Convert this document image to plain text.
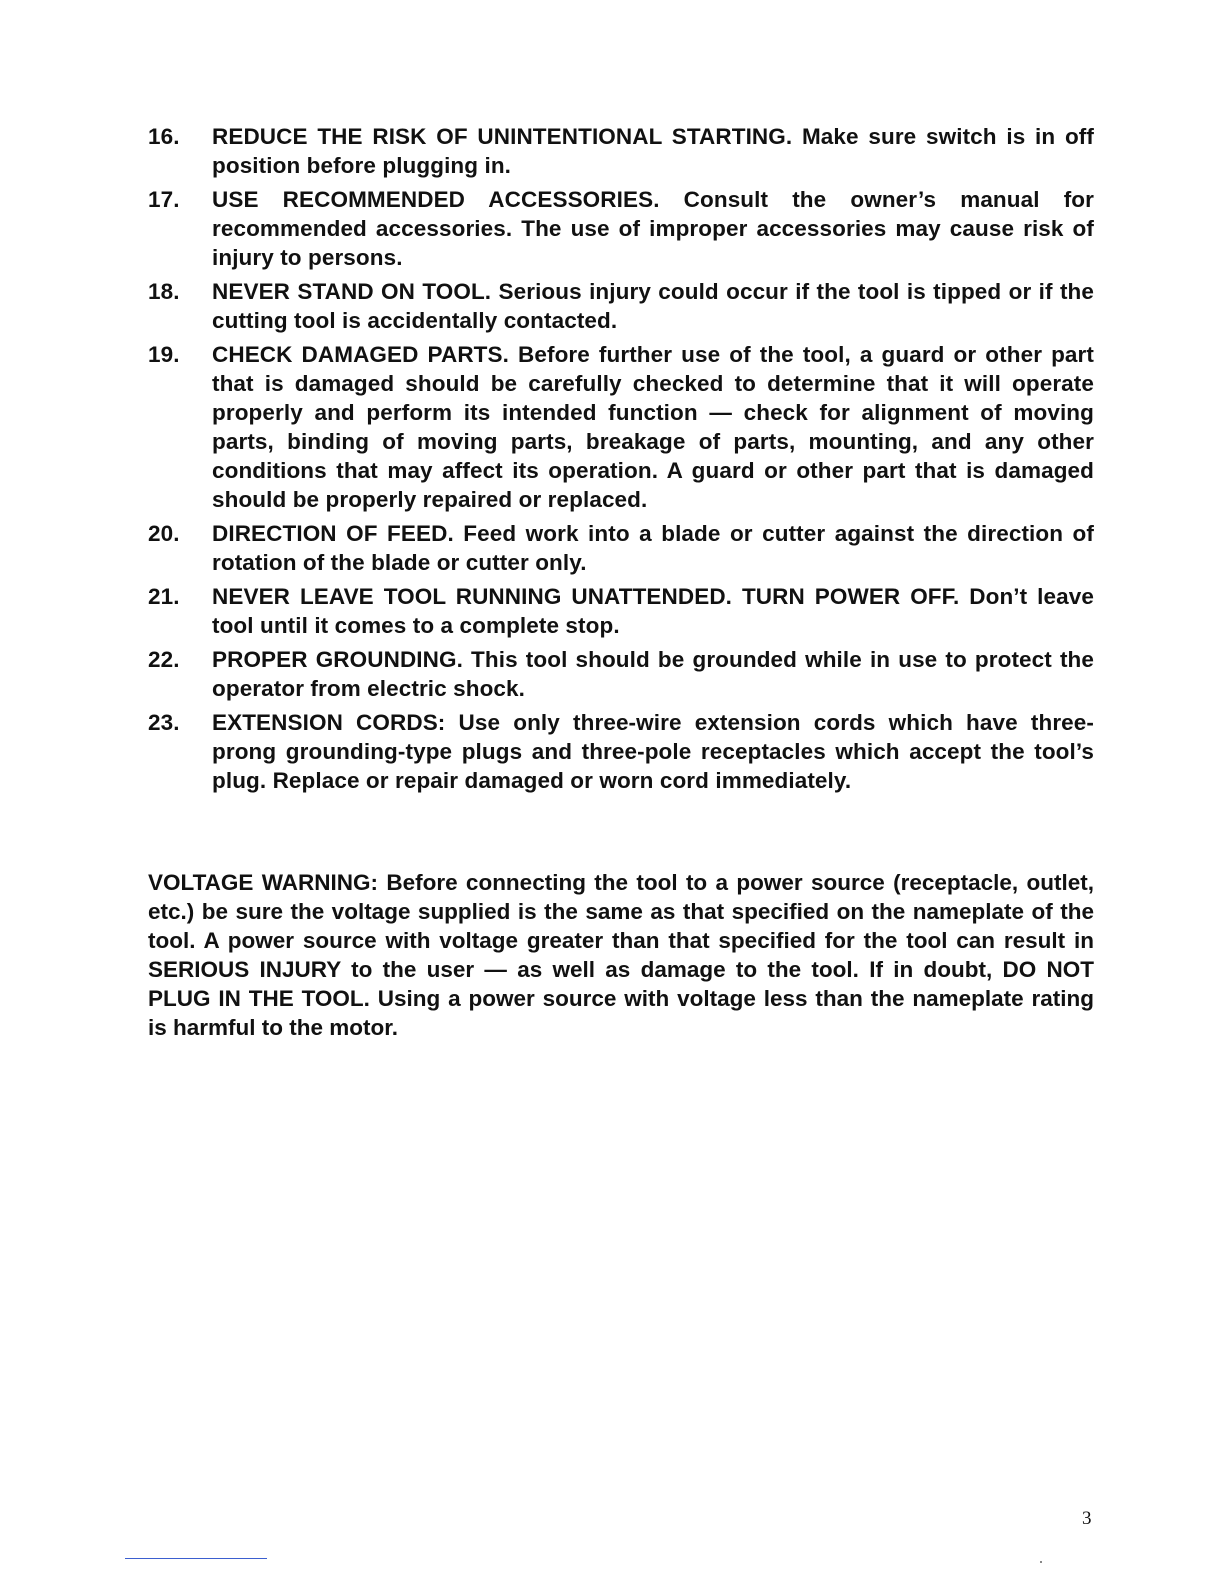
16.	REDUCE THE RISK OF UNINTENTIONAL STARTING. Make sure switch is in off position before plugging in.
17.	USE RECOMMENDED ACCESSORIES. Consult the owner’s manual for recommended accessories. The use of improper accessories may cause risk of injury to persons.
18.	NEVER STAND ON TOOL. Serious injury could occur if the tool is tipped or if the cutting tool is accidentally contacted.
19.	CHECK DAMAGED PARTS. Before further use of the tool, a guard or other part that is damaged should be carefully checked to determine that it will operate properly and perform its intended function — check for alignment of moving parts, binding of moving parts, breakage of parts, mounting, and any other conditions that may affect its operation. A guard or other part that is damaged should be properly repaired or replaced.
20.	DIRECTION OF FEED. Feed work into a blade or cutter against the direction of rotation of the blade or cutter only.
21.	NEVER LEAVE TOOL RUNNING UNATTENDED. TURN POWER OFF. Don’t leave tool until it comes to a complete stop.
22.	PROPER GROUNDING. This tool should be grounded while in use to protect the operator from electric shock.
23.	EXTENSION CORDS: Use only three-wire extension cords which have three-prong grounding-type plugs and three-pole receptacles which accept the tool’s plug. Replace or repair damaged or worn cord immediately.

VOLTAGE WARNING: Before connecting the tool to a power source (receptacle, outlet, etc.) be sure the voltage supplied is the same as that specified on the nameplate of the tool. A power source with voltage greater than that specified for the tool can result in SERIOUS INJURY to the user — as well as damage to the tool. If in doubt, DO NOT PLUG IN THE TOOL. Using a power source with voltage less than the nameplate rating is harmful to the motor.

3
